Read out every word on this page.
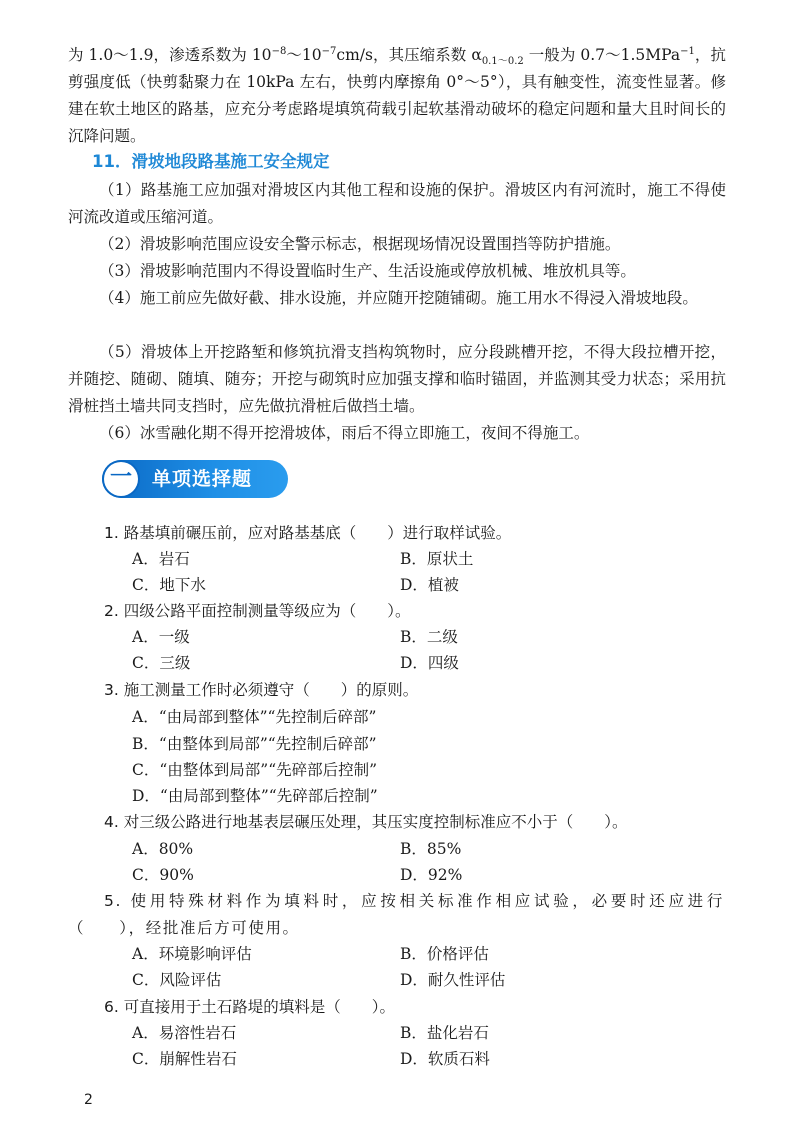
为 1.0～1.9，渗透系数为 $10^{-8}\sim 10^{-7}cm/s$，其压缩系数 $\alpha_{0.1\sim 0.2}$ 一般为 0.7～1.5MPa$^{-1}$，抗剪强度低（快剪黏聚力在 10kPa 左右，快剪内摩擦角 0°～5°），具有触变性，流变性显著。修建在软土地区的路基，应充分考虑路堤填筑荷载引起软基滑动破坏的稳定问题和量大且时间长的沉降问题。

11．滑坡地段路基施工安全规定

（1）路基施工应加强对滑坡区内其他工程和设施的保护。滑坡区内有河流时，施工不得使河流改道或压缩河道。

（2）滑坡影响范围应设安全警示标志，根据现场情况设置围挡等防护措施。

（3）滑坡影响范围内不得设置临时生产、生活设施或停放机械、堆放机具等。

（4）施工前应先做好截、排水设施，并应随开挖随铺砌。施工用水不得浸入滑坡地段。

（5）滑坡体上开挖路堑和修筑抗滑支挡构筑物时，应分段跳槽开挖，不得大段拉槽开挖，并随挖、随砌、随填、随夯；开挖与砌筑时应加强支撑和临时锚固，并监测其受力状态；采用抗滑桩挡土墙共同支挡时，应先做抗滑桩后做挡土墙。

（6）冰雪融化期不得开挖滑坡体，雨后不得立即施工，夜间不得施工。

一	单项选择题
1. 路基填前碾压前，应对路基基底（　　）进行取样试验。
A．岩石	B．原状土
C．地下水	D．植被
2. 四级公路平面控制测量等级应为（　　）。
A．一级	B．二级
C．三级	D．四级
3. 施工测量工作时必须遵守（　　）的原则。
A．“由局部到整体”“先控制后碎部”
B．“由整体到局部”“先控制后碎部”
C．“由整体到局部”“先碎部后控制”
D．“由局部到整体”“先碎部后控制”
4. 对三级公路进行地基表层碾压处理，其压实度控制标准应不小于（　　）。
A．80%	B．85%
C．90%	D．92%

5. 使用特殊材料作为填料时，应按相关标准作相应试验，必要时还应进行（　　），经批准后方可使用。

A．环境影响评估	B．价格评估
C．风险评估	D．耐久性评估
6. 可直接用于土石路堤的填料是（　　）。
A．易溶性岩石	B．盐化岩石
C．崩解性岩石	D．软质石料
2
